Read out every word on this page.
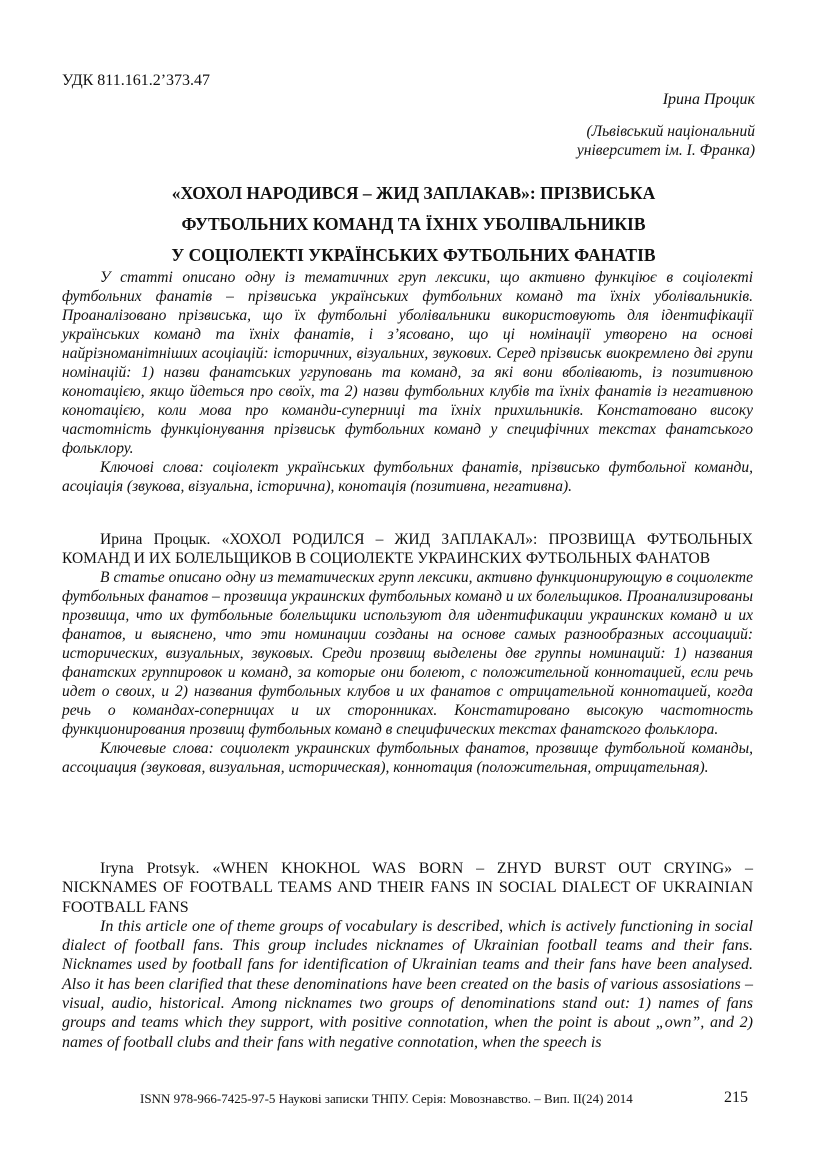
УДК 811.161.2’373.47
Ірина Процик
(Львівський національний
університет ім. І. Франка)
«ХОХОЛ НАРОДИВСЯ – ЖИД ЗАПЛАКАВ»: ПРІЗВИСЬКА
ФУТБОЛЬНИХ КОМАНД ТА ЇХНІХ УБОЛІВАЛЬНИКІВ
У СОЦІОЛЕКТІ УКРАЇНСЬКИХ ФУТБОЛЬНИХ ФАНАТІВ

У статті описано одну із тематичних груп лексики, що активно функціює в соціолекті футбольних фанатів – прізвиська українських футбольних команд та їхніх уболівальників. Проаналізовано прізвиська, що їх футбольні уболівальники використовують для ідентифікації українських команд та їхніх фанатів, і з’ясовано, що ці номінації утворено на основі найрізноманітніших асоціацій: історичних, візуальних, звукових. Серед прізвиськ виокремлено дві групи номінацій: 1) назви фанатських угруповань та команд, за які вони вболівають, із позитивною конотацією, якщо йдеться про своїх, та 2) назви футбольних клубів та їхніх фанатів із негативною конотацією, коли мова про команди-суперниці та їхніх прихильників. Констатовано високу частотність функціонування прізвиськ футбольних команд у специфічних текстах фанатського фольклору.

Ключові слова: соціолект українських футбольних фанатів, прізвисько футбольної команди, асоціація (звукова, візуальна, історична), конотація (позитивна, негативна).

Ирина Процык. «ХОХОЛ РОДИЛСЯ – ЖИД ЗАПЛАКАЛ»: ПРОЗВИЩА ФУТБОЛЬНЫХ КОМАНД И ИХ БОЛЕЛЬЩИКОВ В СОЦИОЛЕКТЕ УКРАИНСКИХ ФУТБОЛЬНЫХ ФАНАТОВ

В статье описано одну из тематических групп лексики, активно функционирующую в социолекте футбольных фанатов – прозвища украинских футбольных команд и их болельщиков. Проанализированы прозвища, что их футбольные болельщики используют для идентификации украинских команд и их фанатов, и выяснено, что эти номинации созданы на основе самых разнообразных ассоциаций: исторических, визуальных, звуковых. Среди прозвищ выделены две группы номинаций: 1) названия фанатских группировок и команд, за которые они болеют, с положительной коннотацией, если речь идет о своих, и 2) названия футбольных клубов и их фанатов с отрицательной коннотацией, когда речь о командах-соперницах и их сторонниках. Констатировано высокую частотность функционирования прозвищ футбольных команд в специфических текстах фанатского фольклора.

Ключевые слова: социолект украинских футбольных фанатов, прозвище футбольной команды, ассоциация (звуковая, визуальная, историческая), коннотация (положительная, отрицательная).

Iryna Protsyk. «WHEN KHOKHOL WAS BORN – ZHYD BURST OUT CRYING» – NICKNAMES OF FOOTBALL TEAMS AND THEIR FANS IN SOCIAL DIALECT OF UKRAINIAN FOOTBALL FANS

In this article one of theme groups of vocabulary is described, which is actively functioning in social dialect of football fans. This group includes nicknames of Ukrainian football teams and their fans. Nicknames used by football fans for identification of Ukrainian teams and their fans have been analysed. Also it has been clarified that these denominations have been created on the basis of various assosiations – visual, audio, historical. Among nicknames two groups of denominations stand out: 1) names of fans groups and teams which they support, with positive connotation, when the point is about „own”, and 2) names of football clubs and their fans with negative connotation, when the speech is

ISNN 978-966-7425-97-5 Наукові записки ТНПУ. Серія: Мовознавство. – Вип. ІІ(24) 2014	215
